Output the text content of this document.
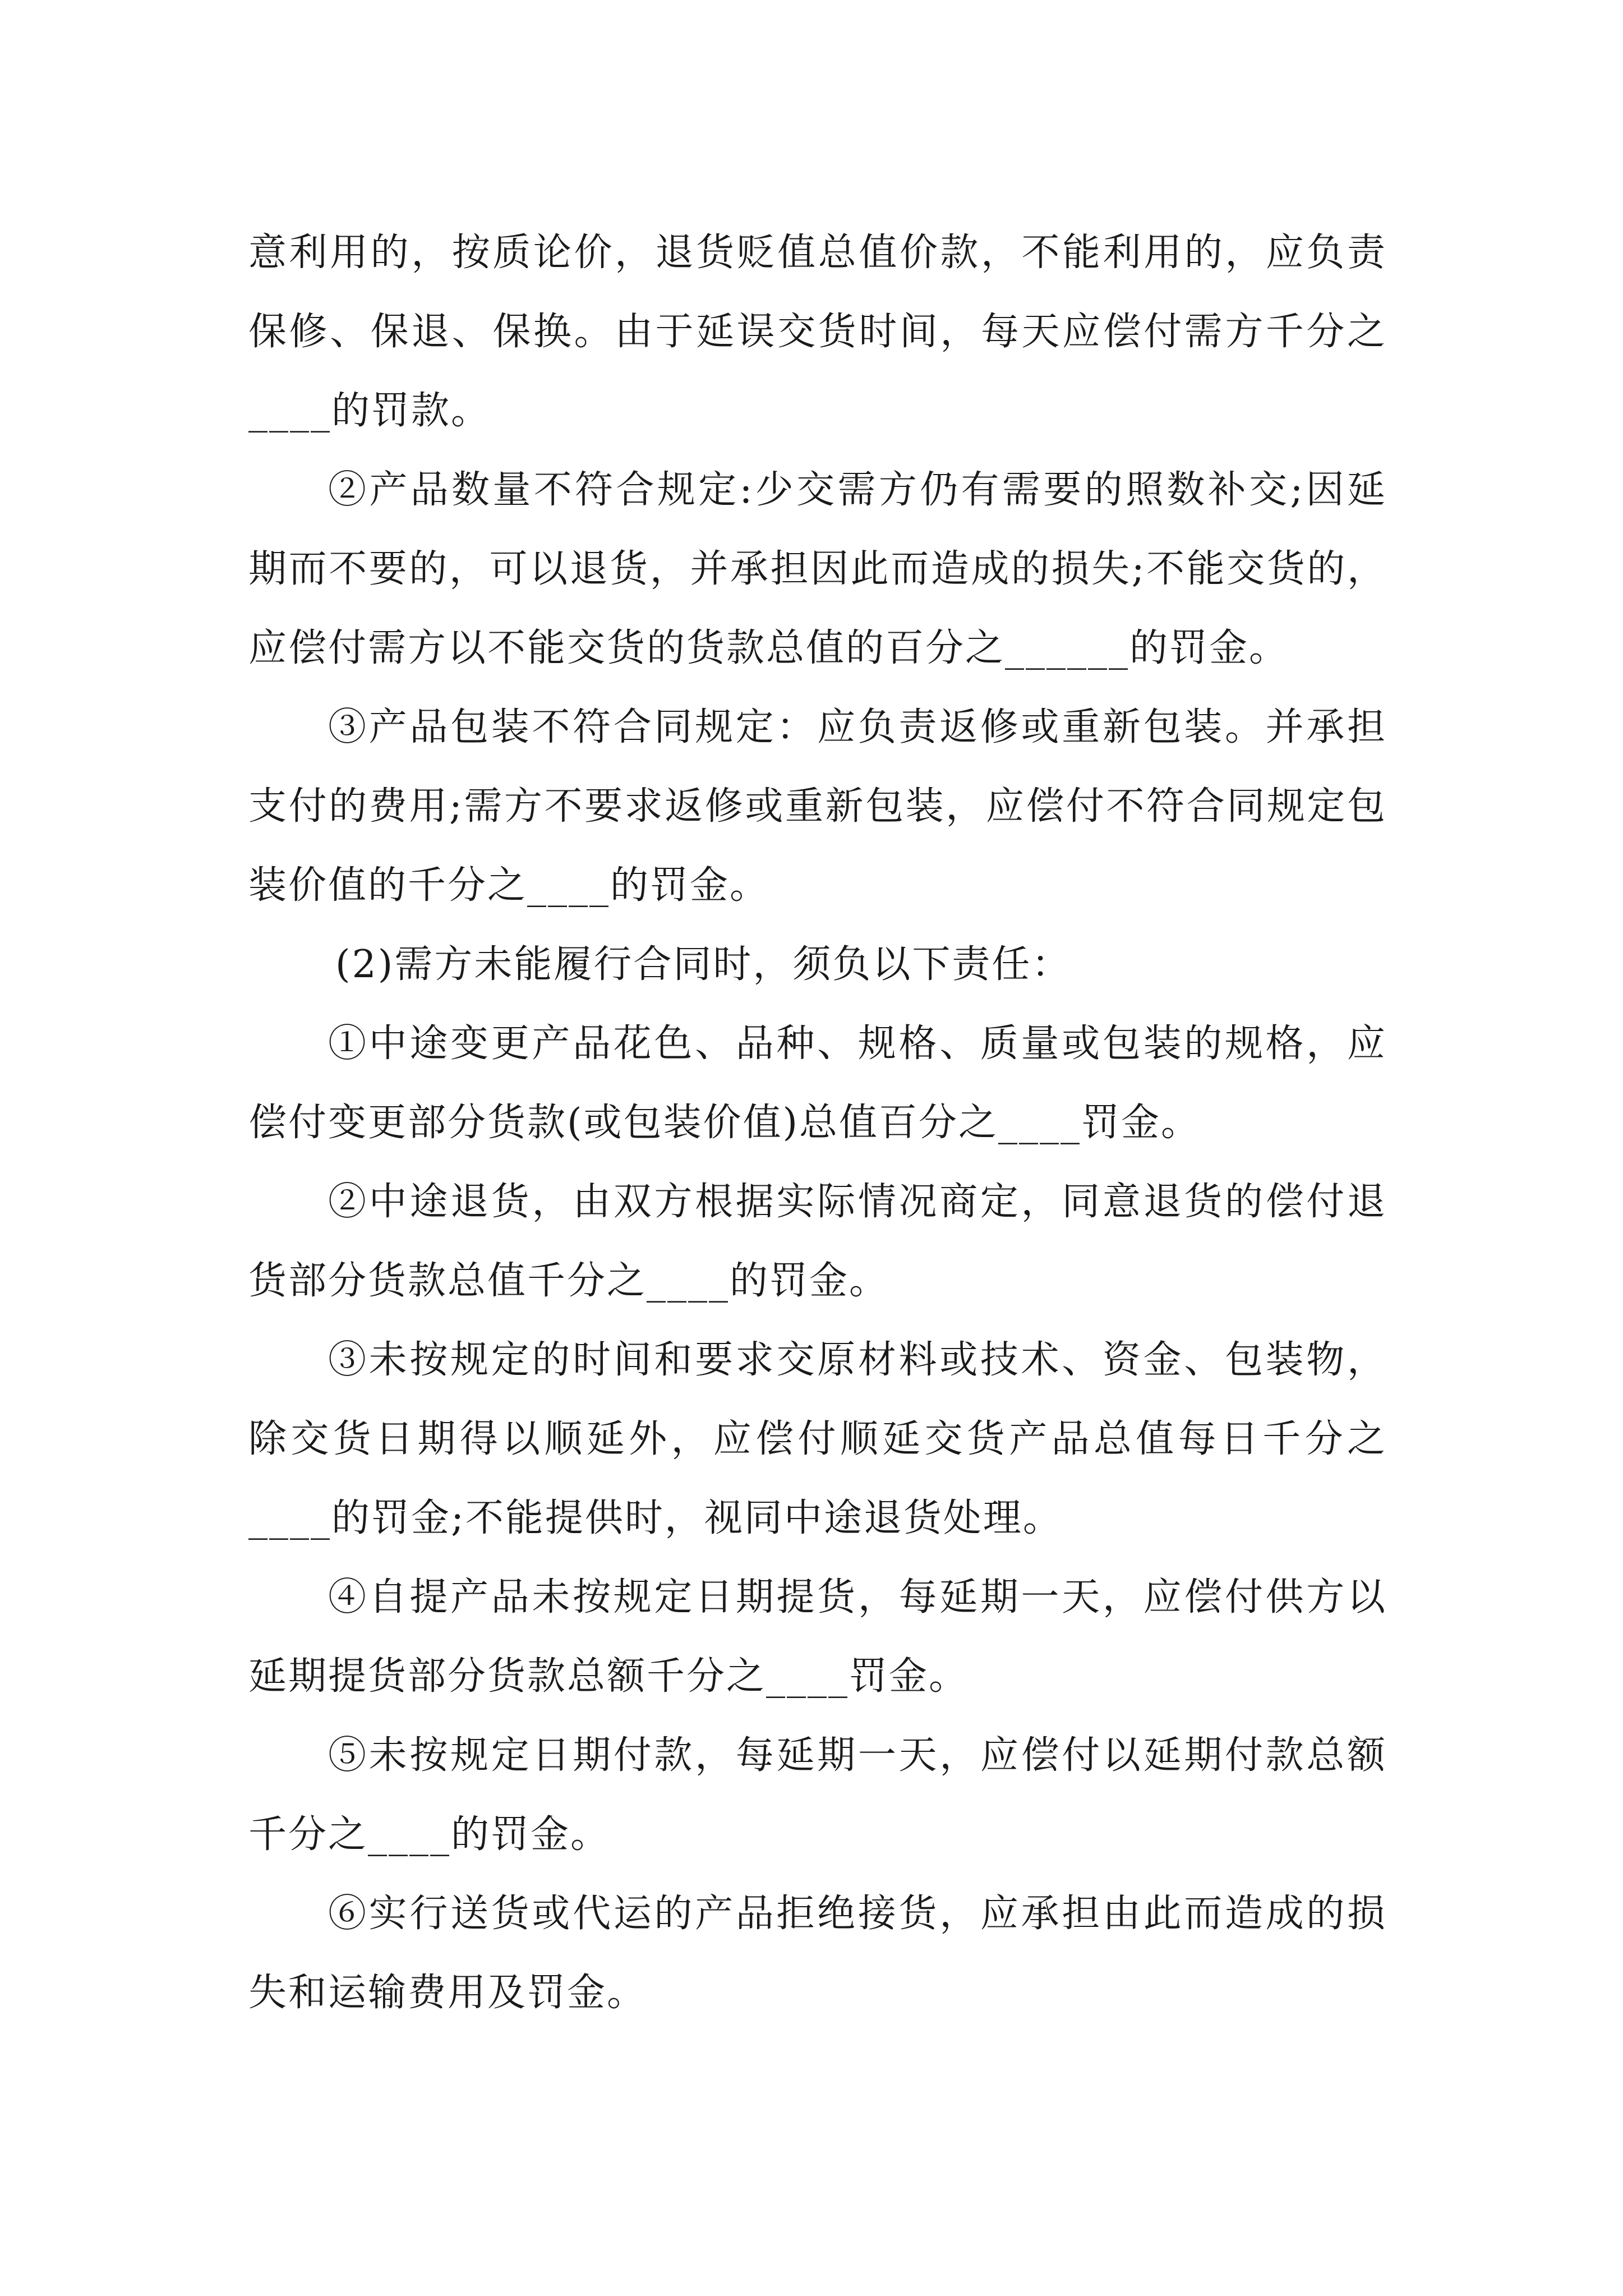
意利用的，按质论价，退货贬值总值价款，不能利用的，应负责保修、保退、保换。由于延误交货时间，每天应偿付需方千分之____的罚款。

②产品数量不符合规定:少交需方仍有需要的照数补交;因延期而不要的，可以退货，并承担因此而造成的损失;不能交货的，应偿付需方以不能交货的货款总值的百分之______的罚金。

③产品包装不符合同规定：应负责返修或重新包装。并承担支付的费用;需方不要求返修或重新包装，应偿付不符合同规定包装价值的千分之____的罚金。

(2)需方未能履行合同时，须负以下责任：

①中途变更产品花色、品种、规格、质量或包装的规格，应偿付变更部分货款(或包装价值)总值百分之____罚金。

②中途退货，由双方根据实际情况商定，同意退货的偿付退货部分货款总值千分之____的罚金。

③未按规定的时间和要求交原材料或技术、资金、包装物，除交货日期得以顺延外，应偿付顺延交货产品总值每日千分之____的罚金;不能提供时，视同中途退货处理。

④自提产品未按规定日期提货，每延期一天，应偿付供方以延期提货部分货款总额千分之____罚金。

⑤未按规定日期付款，每延期一天，应偿付以延期付款总额千分之____的罚金。

⑥实行送货或代运的产品拒绝接货，应承担由此而造成的损失和运输费用及罚金。
